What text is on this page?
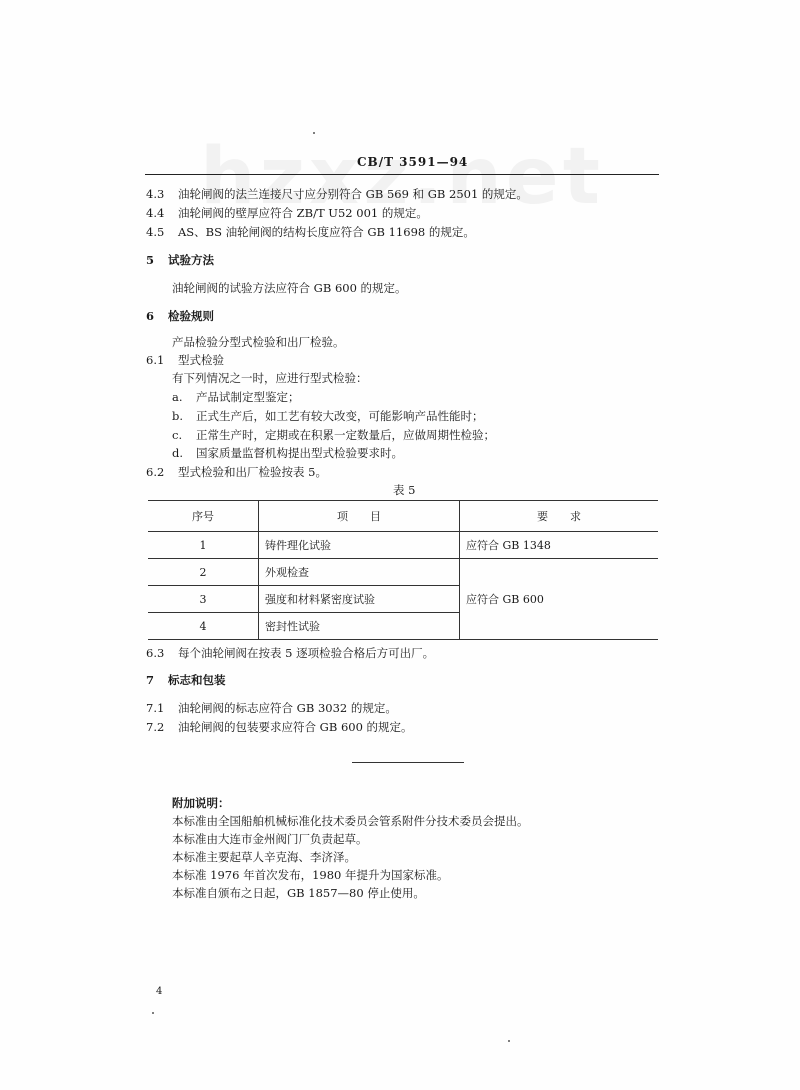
CB/T 3591—94
4.3 油轮闸阀的法兰连接尺寸应分别符合 GB 569 和 GB 2501 的规定。
4.4 油轮闸阀的壁厚应符合 ZB/T U52 001 的规定。
4.5 AS、BS 油轮闸阀的结构长度应符合 GB 11698 的规定。
5 试验方法
油轮闸阀的试验方法应符合 GB 600 的规定。
6 检验规则
产品检验分型式检验和出厂检验。
6.1 型式检验
有下列情况之一时，应进行型式检验：
a. 产品试制定型鉴定；
b. 正式生产后，如工艺有较大改变，可能影响产品性能时；
c. 正常生产时，定期或在积累一定数量后，应做周期性检验；
d. 国家质量监督机构提出型式检验要求时。
6.2 型式检验和出厂检验按表 5。
表 5
序号	项　　目	要　　求
1	铸件理化试验	应符合 GB 1348
2	外观检查	应符合 GB 600
3	强度和材料紧密度试验	
4	密封性试验	
6.3 每个油轮闸阀在按表 5 逐项检验合格后方可出厂。
7 标志和包装
7.1 油轮闸阀的标志应符合 GB 3032 的规定。
7.2 油轮闸阀的包装要求应符合 GB 600 的规定。
附加说明：
本标准由全国船舶机械标准化技术委员会管系附件分技术委员会提出。
本标准由大连市金州阀门厂负责起草。
本标准主要起草人辛克海、李济泽。
本标准 1976 年首次发布，1980 年提升为国家标准。
本标准自颁布之日起，GB 1857—80 停止使用。
4
